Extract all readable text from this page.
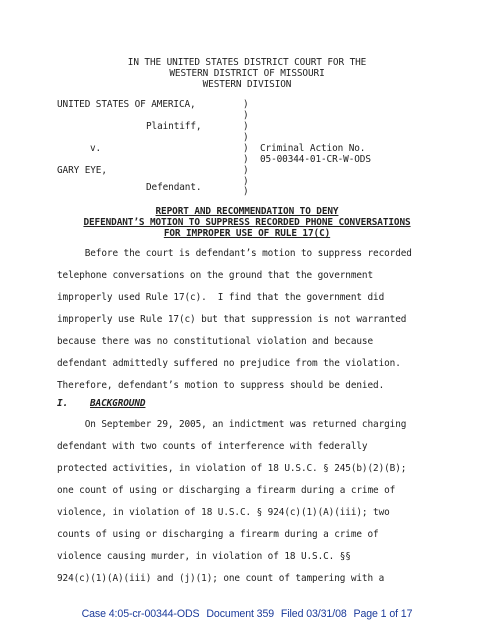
IN THE UNITED STATES DISTRICT COURT FOR THE
WESTERN DISTRICT OF MISSOURI
WESTERN DIVISION
UNITED STATES OF AMERICA,
Plaintiff,
v.
GARY EYE,
Defendant.
)
)
)
)
)
)
)
)
)
Criminal Action No.
05-00344-01-CR-W-ODS
REPORT AND RECOMMENDATION TO DENY
DEFENDANT’S MOTION TO SUPPRESS RECORDED PHONE CONVERSATIONS
FOR IMPROPER USE OF RULE 17(C)
Before the court is defendant’s motion to suppress recorded
telephone conversations on the ground that the government
improperly used Rule 17(c).  I find that the government did
improperly use Rule 17(c) but that suppression is not warranted
because there was no constitutional violation and because
defendant admittedly suffered no prejudice from the violation.
Therefore, defendant’s motion to suppress should be denied.
I. BACKGROUND
On September 29, 2005, an indictment was returned charging
defendant with two counts of interference with federally
protected activities, in violation of 18 U.S.C. § 245(b)(2)(B);
one count of using or discharging a firearm during a crime of
violence, in violation of 18 U.S.C. § 924(c)(1)(A)(iii); two
counts of using or discharging a firearm during a crime of
violence causing murder, in violation of 18 U.S.C. §§
924(c)(1)(A)(iii) and (j)(1); one count of tampering with a
Case 4:05-cr-00344-ODS Document 359 Filed 03/31/08 Page 1 of 17
